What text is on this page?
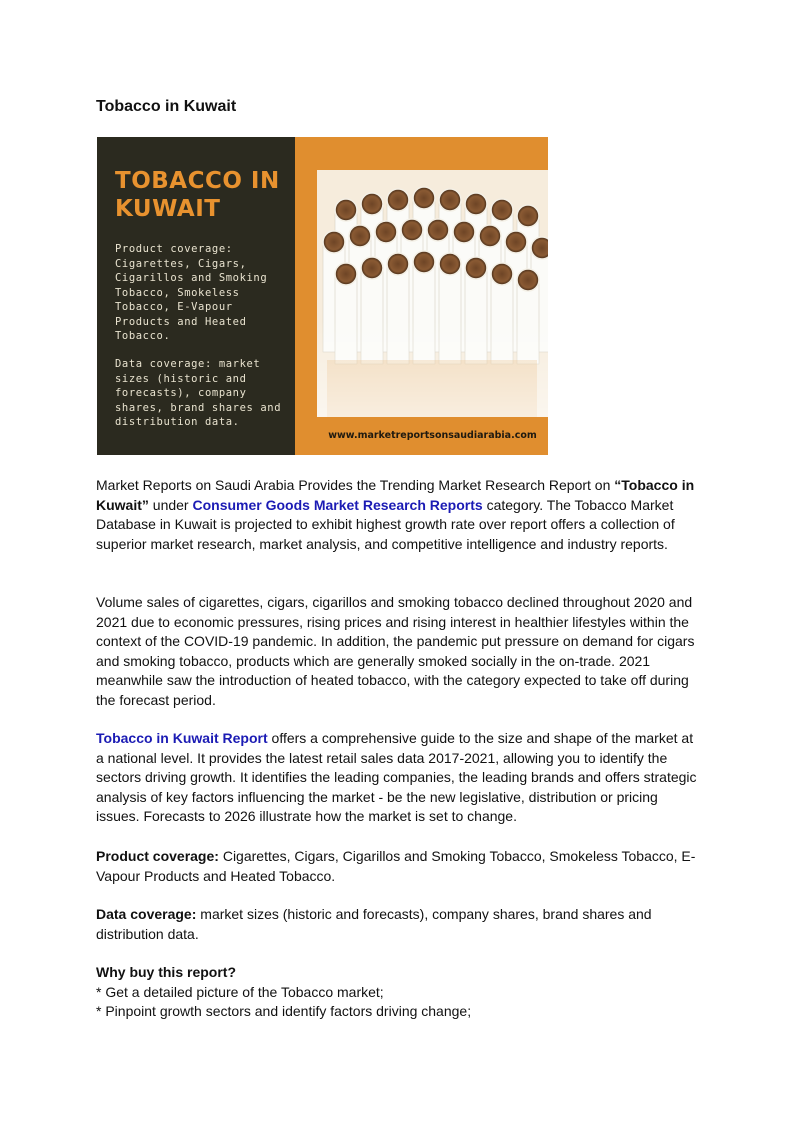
Tobacco in Kuwait
TOBACCO IN
KUWAIT
Product coverage: Cigarettes, Cigars, Cigarillos and Smoking Tobacco, Smokeless Tobacco, E-Vapour Products and Heated Tobacco.
Data coverage: market sizes (historic and forecasts), company shares, brand shares and distribution data.
www.marketreportsonsaudiarabia.com

Market Reports on Saudi Arabia Provides the Trending Market Research Report on “Tobacco in Kuwait” under Consumer Goods Market Research Reports category. The Tobacco Market Database in Kuwait is projected to exhibit highest growth rate over report offers a collection of superior market research, market analysis, and competitive intelligence and industry reports.

Volume sales of cigarettes, cigars, cigarillos and smoking tobacco declined throughout 2020 and 2021 due to economic pressures, rising prices and rising interest in healthier lifestyles within the context of the COVID-19 pandemic. In addition, the pandemic put pressure on demand for cigars and smoking tobacco, products which are generally smoked socially in the on-trade. 2021 meanwhile saw the introduction of heated tobacco, with the category expected to take off during the forecast period.

Tobacco in Kuwait Report offers a comprehensive guide to the size and shape of the market at a national level. It provides the latest retail sales data 2017-2021, allowing you to identify the sectors driving growth. It identifies the leading companies, the leading brands and offers strategic analysis of key factors influencing the market - be the new legislative, distribution or pricing issues. Forecasts to 2026 illustrate how the market is set to change.

Product coverage: Cigarettes, Cigars, Cigarillos and Smoking Tobacco, Smokeless Tobacco, E-Vapour Products and Heated Tobacco.

Data coverage: market sizes (historic and forecasts), company shares, brand shares and distribution data.

Why buy this report?
* Get a detailed picture of the Tobacco market;
* Pinpoint growth sectors and identify factors driving change;
